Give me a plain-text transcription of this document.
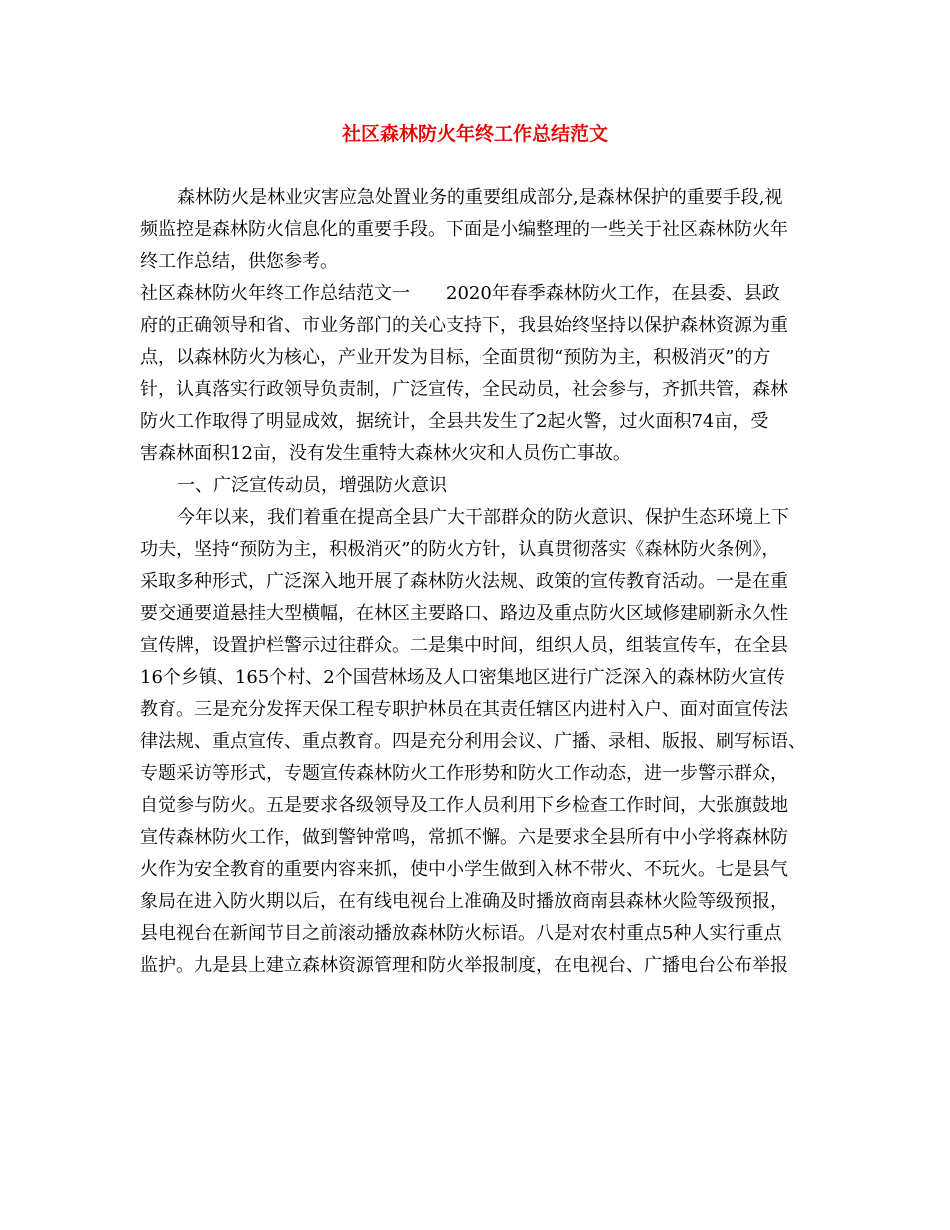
社区森林防火年终工作总结范文
森林防火是林业灾害应急处置业务的重要组成部分,是森林保护的重要手段,视
频监控是森林防火信息化的重要手段。下面是小编整理的一些关于社区森林防火年
终工作总结，供您参考。
社区森林防火年终工作总结范文一　　2020年春季森林防火工作，在县委、县政
府的正确领导和省、市业务部门的关心支持下，我县始终坚持以保护森林资源为重
点，以森林防火为核心，产业开发为目标，全面贯彻“预防为主，积极消灭”的方
针，认真落实行政领导负责制，广泛宣传，全民动员，社会参与，齐抓共管，森林
防火工作取得了明显成效，据统计，全县共发生了2起火警，过火面积74亩，受
害森林面积12亩，没有发生重特大森林火灾和人员伤亡事故。
一、广泛宣传动员，增强防火意识
今年以来，我们着重在提高全县广大干部群众的防火意识、保护生态环境上下
功夫，坚持“预防为主，积极消灭”的防火方针，认真贯彻落实《森林防火条例》，
采取多种形式，广泛深入地开展了森林防火法规、政策的宣传教育活动。一是在重
要交通要道悬挂大型横幅，在林区主要路口、路边及重点防火区域修建刷新永久性
宣传牌，设置护栏警示过往群众。二是集中时间，组织人员，组装宣传车，在全县
16个乡镇、165个村、2个国营林场及人口密集地区进行广泛深入的森林防火宣传
教育。三是充分发挥天保工程专职护林员在其责任辖区内进村入户、面对面宣传法
律法规、重点宣传、重点教育。四是充分利用会议、广播、录相、版报、刷写标语、
专题采访等形式，专题宣传森林防火工作形势和防火工作动态，进一步警示群众，
自觉参与防火。五是要求各级领导及工作人员利用下乡检查工作时间，大张旗鼓地
宣传森林防火工作，做到警钟常鸣，常抓不懈。六是要求全县所有中小学将森林防
火作为安全教育的重要内容来抓，使中小学生做到入林不带火、不玩火。七是县气
象局在进入防火期以后，在有线电视台上准确及时播放商南县森林火险等级预报，
县电视台在新闻节目之前滚动播放森林防火标语。八是对农村重点5种人实行重点
监护。九是县上建立森林资源管理和防火举报制度，在电视台、广播电台公布举报
